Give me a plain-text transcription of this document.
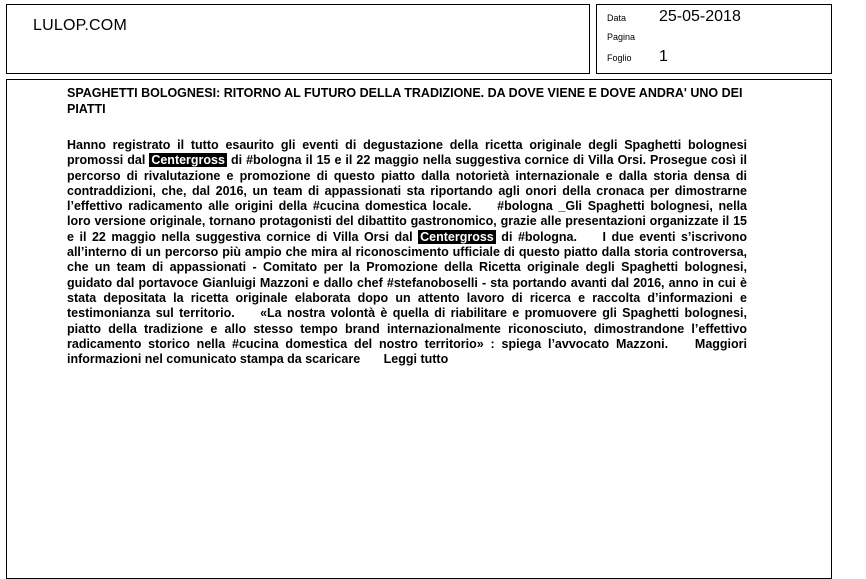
LULOP.COM	Data 25-05-2018
Pagina
Foglio 1
SPAGHETTI BOLOGNESI: RITORNO AL FUTURO DELLA TRADIZIONE. DA DOVE VIENE E DOVE ANDRA' UNO DEI PIATTI
Hanno registrato il tutto esaurito gli eventi di degustazione della ricetta originale degli Spaghetti bolognesi promossi dal Centergross di #bologna il 15 e il 22 maggio nella suggestiva cornice di Villa Orsi. Prosegue così il percorso di rivalutazione e promozione di questo piatto dalla notorietà internazionale e dalla storia densa di contraddizioni, che, dal 2016, un team di appassionati sta riportando agli onori della cronaca per dimostrarne l’effettivo radicamento alle origini della #cucina domestica locale. #bologna _Gli Spaghetti bolognesi, nella loro versione originale, tornano protagonisti del dibattito gastronomico, grazie alle presentazioni organizzate il 15 e il 22 maggio nella suggestiva cornice di Villa Orsi dal Centergross di #bologna. I due eventi s’iscrivono all’interno di un percorso più ampio che mira al riconoscimento ufficiale di questo piatto dalla storia controversa, che un team di appassionati - Comitato per la Promozione della Ricetta originale degli Spaghetti bolognesi, guidato dal portavoce Gianluigi Mazzoni e dallo chef #stefanoboselli - sta portando avanti dal 2016, anno in cui è stata depositata la ricetta originale elaborata dopo un attento lavoro di ricerca e raccolta d’informazioni e testimonianza sul territorio. «La nostra volontà è quella di riabilitare e promuovere gli Spaghetti bolognesi, piatto della tradizione e allo stesso tempo brand internazionalmente riconosciuto, dimostrandone l’effettivo radicamento storico nella #cucina domestica del nostro territorio» : spiega l’avvocato Mazzoni. Maggiori informazioni nel comunicato stampa da scaricare Leggi tutto
